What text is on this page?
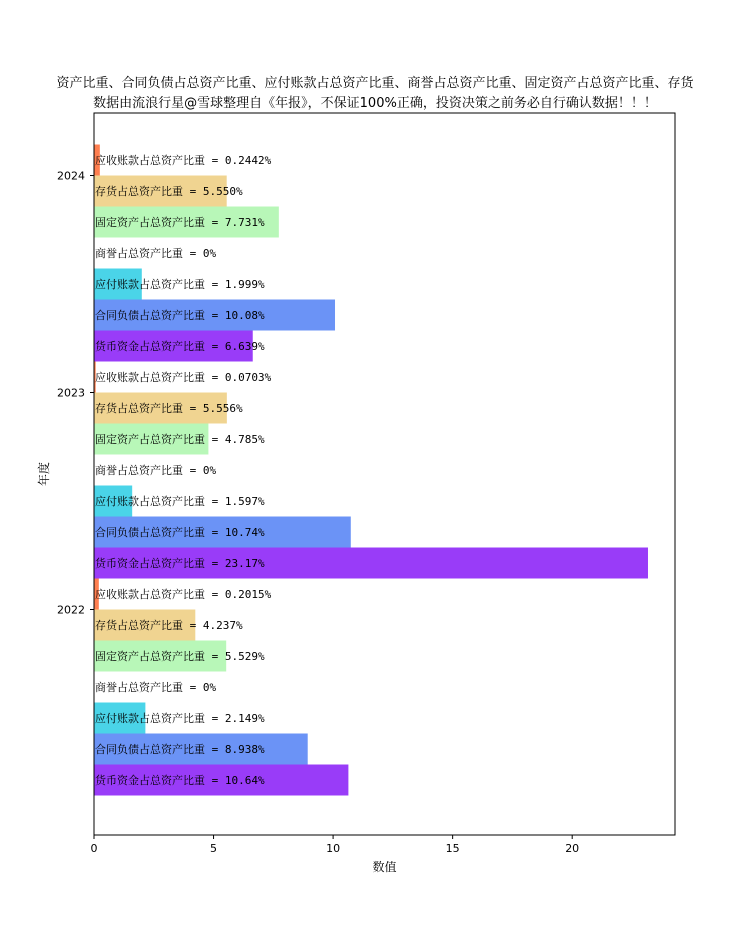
资产比重、合同负债占总资产比重、应付账款占总资产比重、商誉占总资产比重、固定资产占总资产比重、存货
数据由流浪行星@雪球整理自《年报》，不保证100%正确，投资决策之前务必自行确认数据！！！
应收账款占总资产比重 = 0.2442%
存货占总资产比重 = 5.550%
固定资产占总资产比重 = 7.731%
商誉占总资产比重 = 0%
应付账款占总资产比重 = 1.999%
合同负债占总资产比重 = 10.08%
货币资金占总资产比重 = 6.639%
应收账款占总资产比重 = 0.0703%
存货占总资产比重 = 5.556%
固定资产占总资产比重 = 4.785%
商誉占总资产比重 = 0%
应付账款占总资产比重 = 1.597%
合同负债占总资产比重 = 10.74%
货币资金占总资产比重 = 23.17%
应收账款占总资产比重 = 0.2015%
存货占总资产比重 = 4.237%
固定资产占总资产比重 = 5.529%
商誉占总资产比重 = 0%
应付账款占总资产比重 = 2.149%
合同负债占总资产比重 = 8.938%
货币资金占总资产比重 = 10.64%
0	5	10	15	20
2024
2023
2022
数值
年度
